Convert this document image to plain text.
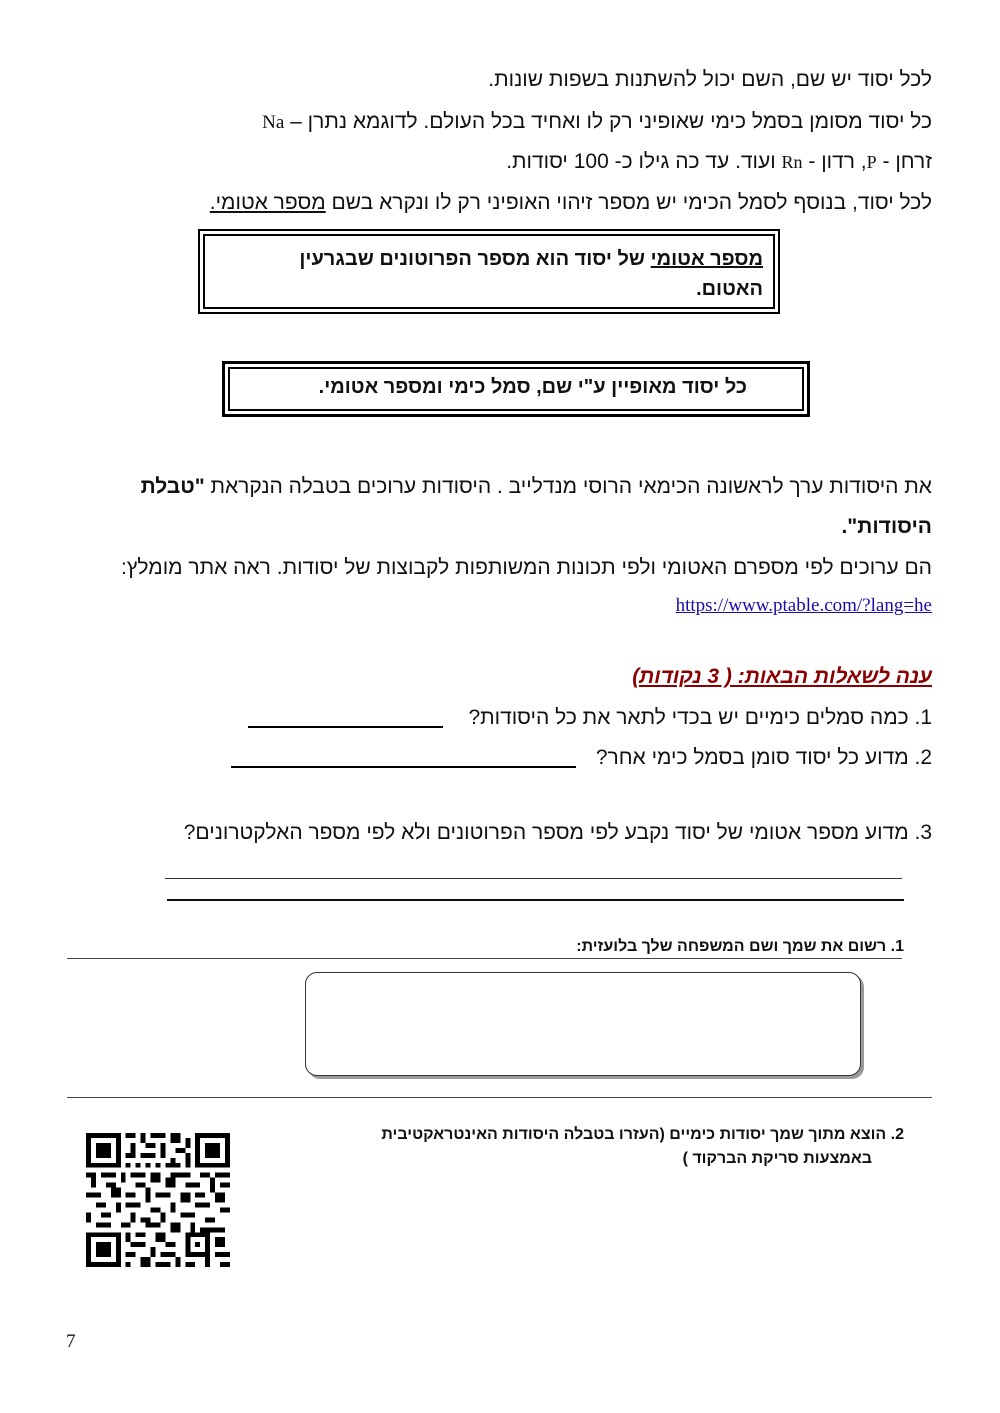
לכל יסוד יש שם, השם יכול להשתנות בשפות שונות.
כל יסוד מסומן בסמל כימי שאופיני רק לו ואחיד בכל העולם. לדוגמא נתרן – Na
זרחן - P, רדון - Rn ועוד. עד כה גילו כ- 100 יסודות.
לכל יסוד, בנוסף לסמל הכימי יש מספר זיהוי האופיני רק לו ונקרא בשם מספר אטומי.
מספר אטומי של יסוד הוא מספר הפרוטונים שבגרעין האטום.
כל יסוד מאופיין ע"י שם, סמל כימי ומספר אטומי.
את היסודות ערך לראשונה הכימאי הרוסי מנדלייב . היסודות ערוכים בטבלה הנקראת "טבלת
היסודות".
הם ערוכים לפי מספרם האטומי ולפי תכונות המשותפות לקבוצות של יסודות. ראה אתר מומלץ:
https://www.ptable.com/?lang=he
ענה לשאלות הבאות: ( 3 נקודות)
1. כמה סמלים כימיים יש בכדי לתאר את כל היסודות?
2. מדוע כל יסוד סומן בסמל כימי אחר?
3. מדוע מספר אטומי של יסוד נקבע לפי מספר הפרוטונים ולא לפי מספר האלקטרונים?
1. רשום את שמך ושם המשפחה שלך בלועזית:
2. הוצא מתוך שמך יסודות כימיים (העזרו בטבלה היסודות האינטראקטיבית
באמצעות סריקת הברקוד )
7
